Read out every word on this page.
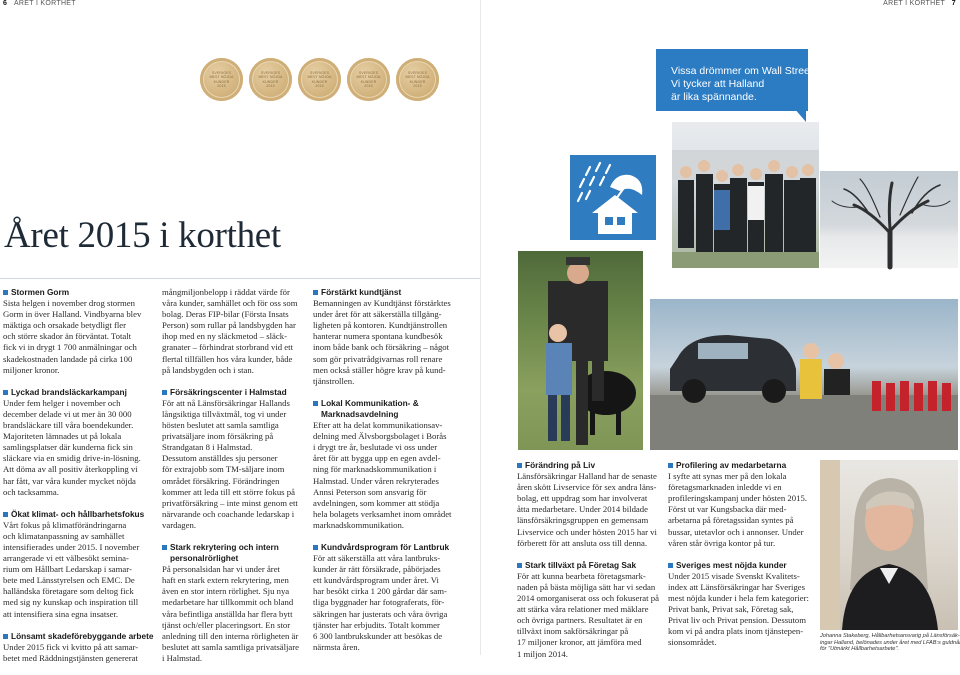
6 ÅRET I KORTHET	ÅRET I KORTHET 7
SVERIGES
MEST NÖJDA
KUNDER
2015
SVERIGES
MEST NÖJDA
KUNDER
2015
SVERIGES
MEST NÖJDA
KUNDER
2015
SVERIGES
MEST NÖJDA
KUNDER
2015
SVERIGES
MEST NÖJDA
KUNDER
2015
Året 2015 i korthet
Vissa drömmer om Wall Street.
Vi tycker att Halland
är lika spännande.
Johanna Stakeberg, Hållbarhetsansvarig på Länsförsäk-
ingar Halland, belönades under året med LFAB:s guldnål
för "Utmärkt Hållbarhetsarbete".
Stormen Gorm
Sista helgen i november drog stormen
Gorm in över Halland. Vindbyarna blev
mäktiga och orsakade betydligt fler
och större skador än förväntat. Totalt
fick vi in drygt 1 700 anmälningar och
skadekostnaden landade på cirka 100
miljoner kronor.
Lyckad brandsläckarkampanj
Under fem helger i november och
december delade vi ut mer än 30 000
brandsläckare till våra boendekunder.
Majoriteten lämnades ut på lokala
samlingsplatser där kunderna fick sin
släckare via en smidig drive-in-lösning.
Att döma av all positiv återkoppling vi
har fått, var våra kunder mycket nöjda
och tacksamma.
Ökat klimat- och hållbarhetsfokus
Vårt fokus på klimatförändringarna
och klimatanpassning av samhället
intensifierades under 2015. I november
arrangerade vi ett välbesökt semina-
rium om Hållbart Ledarskap i samar-
bete med Länsstyrelsen och EMC. De
halländska företagare som deltog fick
med sig ny kunskap och inspiration till
att intensifiera sina egna insatser.
Lönsamt skadeförebyggande arbete
Under 2015 fick vi kvitto på att samar-
betet med Räddningstjänsten genererat
mångmiljonbelopp i räddat värde för
våra kunder, samhället och för oss som
bolag. Deras FIP-bilar (Första Insats
Person) som rullar på landsbygden har
ihop med en ny släckmetod – släck-
granater – förhindrat storbrand vid ett
flertal tillfällen hos våra kunder, både
på landsbygden och i stan.
Försäkringscenter i Halmstad
För att nå Länsförsäkringar Hallands
långsiktiga tillväxtmål, tog vi under
hösten beslutet att samla samtliga
privatsäljare inom försäkring på
Strandgatan 8 i Halmstad.
Dessutom anställdes sju personer
för extrajobb som TM-säljare inom
området försäkring. Förändringen
kommer att leda till ett större fokus på
privatförsäkring – inte minst genom ett
närvarande och coachande ledarskap i
vardagen.
Stark rekrytering och intern
personalrörlighet
På personalsidan har vi under året
haft en stark extern rekrytering, men
även en stor intern rörlighet. Sju nya
medarbetare har tillkommit och bland
våra befintliga anställda har flera bytt
tjänst och/eller placeringsort. En stor
anledning till den interna rörligheten är
beslutet att samla samtliga privatsäljare
i Halmstad.
Förstärkt kundtjänst
Bemanningen av Kundtjänst förstärktes
under året för att säkerställa tillgäng-
ligheten på kontoren. Kundtjänstrollen
hanterar numera spontana kundbesök
inom både bank och försäkring – något
som gör privatrådgivarnas roll renare
men också ställer högre krav på kund-
tjänstrollen.
Lokal Kommunikation- &
Marknadsavdelning
Efter att ha delat kommunikationsav-
delning med Älvsborgsbolaget i Borås
i drygt tre år, beslutade vi oss under
året för att bygga upp en egen avdel-
ning för marknadskommunikation i
Halmstad. Under våren rekryterades
Annsi Peterson som ansvarig för
avdelningen, som kommer att stödja
hela bolagets verksamhet inom området
marknadskommunikation.
Kundvårdsprogram för Lantbruk
För att säkerställa att våra lantbruks-
kunder är rätt försäkrade, påbörjades
ett kundvårdsprogram under året. Vi
har besökt cirka 1 200 gårdar där sam-
tliga byggnader har fotograferats, för-
säkringen har justerats och våra övriga
tjänster har erbjudits. Totalt kommer
6 300 lantbrukskunder att besökas de
närmsta åren.
Förändring på Liv
Länsförsäkringar Halland har de senaste
åren skött Livservice för sex andra läns-
bolag, ett uppdrag som har involverat
åtta medarbetare. Under 2014 bildade
länsförsäkringsgruppen en gemensam
Livservice och under hösten 2015 har vi
förberett för att ansluta oss till denna.
Stark tillväxt på Företag Sak
För att kunna bearbeta företagsmark-
naden på bästa möjliga sätt har vi sedan
2014 omorganiserat oss och fokuserat på
att stärka våra relationer med mäklare
och övriga partners. Resultatet är en
tillväxt inom sakförsäkringar på
17 miljoner kronor, att jämföra med
1 miljon 2014.
Profilering av medarbetarna
I syfte att synas mer på den lokala
företagsmarknaden inledde vi en
profileringskampanj under hösten 2015.
Först ut var Kungsbacka där med-
arbetarna på företagssidan syntes på
bussar, utetavlor och i annonser. Under
våren står övriga kontor på tur.
Sveriges mest nöjda kunder
Under 2015 visade Svenskt Kvalitets-
index att Länsförsäkringar har Sveriges
mest nöjda kunder i hela fem kategorier:
Privat bank, Privat sak, Företag sak,
Privat liv och Privat pension. Dessutom
kom vi på andra plats inom tjänstepen-
sionsområdet.
